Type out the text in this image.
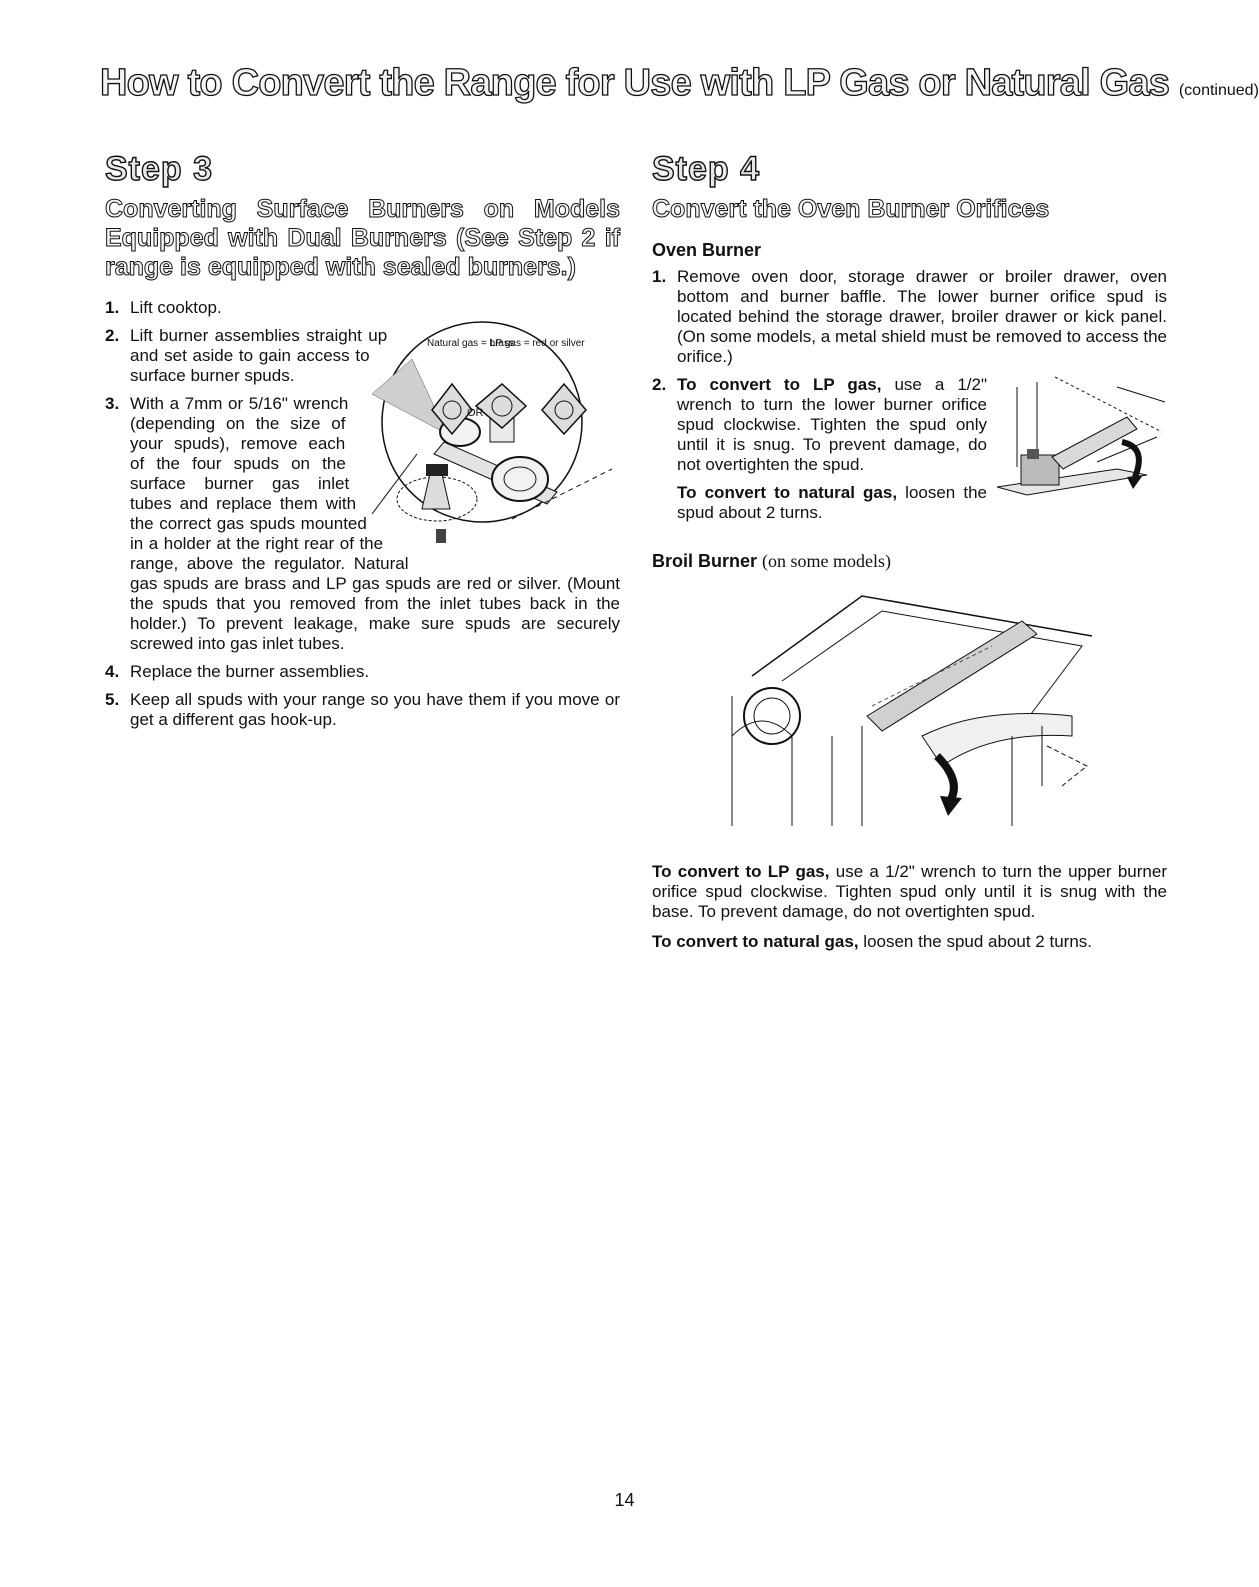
How to Convert the Range for Use with LP Gas or Natural Gas (continued)
Step 3
Converting Surface Burners on Models Equipped with Dual Burners (See Step 2 if range is equipped with sealed burners.)
1. Lift cooktop.
Natural gas = brass
LP gas = red or silver
OR
2. Lift burner assemblies straight up and set aside to gain access to surface burner spuds.
3. With a 7mm or 5/16" wrench (depending on the size of your spuds), remove each of the four spuds on the surface burner gas inlet tubes and replace them with the correct gas spuds mounted in a holder at the right rear of the range, above the regulator. Natural gas spuds are brass and LP gas spuds are red or silver. (Mount the spuds that you removed from the inlet tubes back in the holder.) To prevent leakage, make sure spuds are securely screwed into gas inlet tubes.
4. Replace the burner assemblies.
5. Keep all spuds with your range so you have them if you move or get a different gas hook-up.
Step 4
Convert the Oven Burner Orifices
Oven Burner
1. Remove oven door, storage drawer or broiler drawer, oven bottom and burner baffle. The lower burner orifice spud is located behind the storage drawer, broiler drawer or kick panel. (On some models, a metal shield must be removed to access the orifice.)
2. To convert to LP gas, use a 1/2" wrench to turn the lower burner orifice spud clockwise. Tighten the spud only until it is snug. To prevent damage, do not overtighten the spud.

To convert to natural gas, loosen the spud about 2 turns.

Broil Burner (on some models)

To convert to LP gas, use a 1/2" wrench to turn the upper burner orifice spud clockwise. Tighten spud only until it is snug with the base. To prevent damage, do not overtighten spud.

To convert to natural gas, loosen the spud about 2 turns.

14
